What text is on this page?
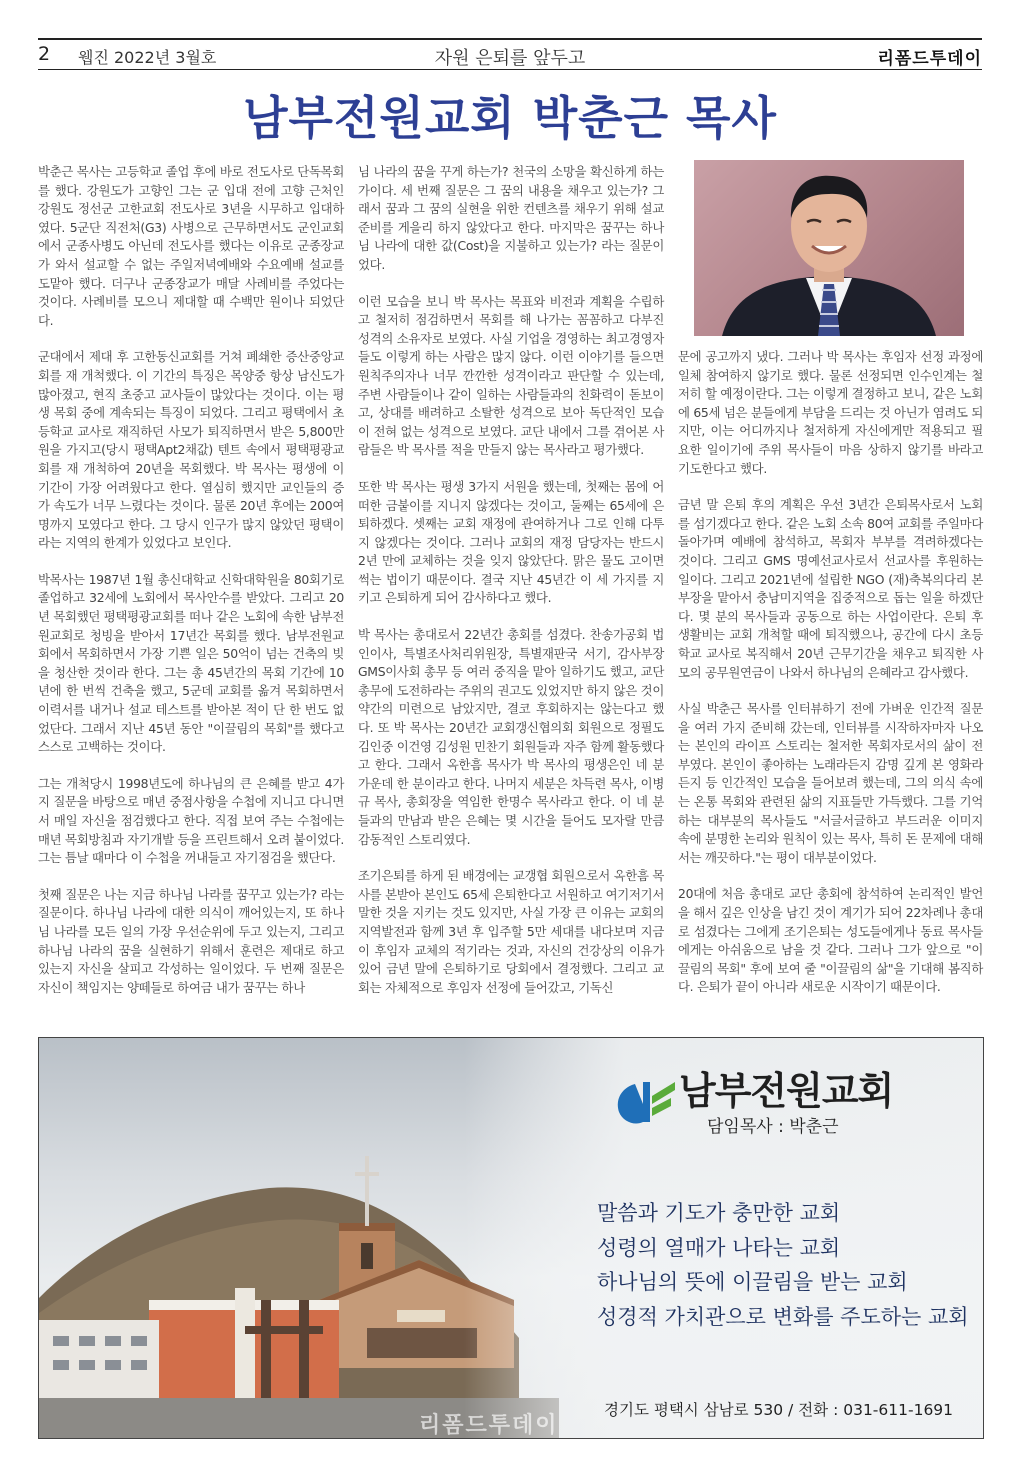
2 웹진 2022년 3월호	자원 은퇴를 앞두고	리폼드투데이
남부전원교회 박춘근 목사

박춘근 목사는 고등학교 졸업 후에 바로 전도사로 단독목회를 했다. 강원도가 고향인 그는 군 입대 전에 고향 근처인 강원도 정선군 고한교회 전도사로 3년을 시무하고 입대하였다. 5군단 직전처(G3) 사병으로 근무하면서도 군인교회에서 군종사병도 아닌데 전도사를 했다는 이유로 군종장교가 와서 설교할 수 없는 주일저녁예배와 수요예배 설교를 도맡아 했다. 더구나 군종장교가 매달 사례비를 주었다는 것이다. 사례비를 모으니 제대할 때 수백만 원이나 되었단다.

군대에서 제대 후 고한동신교회를 거쳐 폐쇄한 증산중앙교회를 재 개척했다. 이 기간의 특징은 목양중 항상 남신도가 많아졌고, 현직 초중고 교사들이 많았다는 것이다. 이는 평생 목회 중에 계속되는 특징이 되었다. 그리고 평택에서 초등학교 교사로 재직하던 사모가 퇴직하면서 받은 5,800만원을 가지고(당시 평택Apt2채값) 텐트 속에서 평택평광교회를 재 개척하여 20년을 목회했다. 박 목사는 평생에 이 기간이 가장 어려웠다고 한다. 열심히 했지만 교인들의 증가 속도가 너무 느렸다는 것이다. 물론 20년 후에는 200여명까지 모였다고 한다. 그 당시 인구가 많지 않았던 평택이라는 지역의 한계가 있었다고 보인다.

박목사는 1987년 1월 총신대학교 신학대학원을 80회기로 졸업하고 32세에 노회에서 목사안수를 받았다. 그리고 20년 목회했던 평택평광교회를 떠나 같은 노회에 속한 남부전원교회로 청빙을 받아서 17년간 목회를 했다. 남부전원교회에서 목회하면서 가장 기쁜 일은 50억이 넘는 건축의 빚을 청산한 것이라 한다. 그는 총 45년간의 목회 기간에 10년에 한 번씩 건축을 했고, 5군데 교회를 옮겨 목회하면서 이력서를 내거나 설교 테스트를 받아본 적이 단 한 번도 없었단다. 그래서 지난 45년 동안 "이끌림의 목회"를 했다고 스스로 고백하는 것이다.

그는 개척당시 1998년도에 하나님의 큰 은혜를 받고 4가지 질문을 바탕으로 매년 중점사항을 수첩에 지니고 다니면서 매일 자신을 점검했다고 한다. 직접 보여 주는 수첩에는 매년 목회방침과 자기개발 등을 프린트해서 오려 붙이었다. 그는 틈날 때마다 이 수첩을 꺼내들고 자기점검을 했단다.

첫째 질문은 나는 지금 하나님 나라를 꿈꾸고 있는가? 라는 질문이다. 하나님 나라에 대한 의식이 깨어있는지, 또 하나님 나라를 모든 일의 가장 우선순위에 두고 있는지, 그리고 하나님 나라의 꿈을 실현하기 위해서 훈련은 제대로 하고 있는지 자신을 살피고 각성하는 일이었다. 두 번째 질문은 자신이 책임지는 양떼들로 하여금 내가 꿈꾸는 하나

님 나라의 꿈을 꾸게 하는가? 천국의 소망을 확신하게 하는가이다. 세 번째 질문은 그 꿈의 내용을 채우고 있는가? 그래서 꿈과 그 꿈의 실현을 위한 컨텐츠를 채우기 위해 설교준비를 게을리 하지 않았다고 한다. 마지막은 꿈꾸는 하나님 나라에 대한 값(Cost)을 지불하고 있는가? 라는 질문이었다.

이런 모습을 보니 박 목사는 목표와 비전과 계획을 수립하고 철저히 점검하면서 목회를 해 나가는 꼼꼼하고 다부진 성격의 소유자로 보였다. 사실 기업을 경영하는 최고경영자들도 이렇게 하는 사람은 많지 않다. 이런 이야기를 들으면 원칙주의자나 너무 깐깐한 성격이라고 판단할 수 있는데, 주변 사람들이나 같이 일하는 사람들과의 친화력이 돋보이고, 상대를 배려하고 소탈한 성격으로 보아 독단적인 모습이 전혀 없는 성격으로 보였다. 교단 내에서 그를 겪어본 사람들은 박 목사를 적을 만들지 않는 목사라고 평가했다.

또한 박 목사는 평생 3가지 서원을 했는데, 첫째는 몸에 어떠한 금붙이를 지니지 않겠다는 것이고, 둘째는 65세에 은퇴하겠다. 셋째는 교회 재정에 관여하거나 그로 인해 다투지 않겠다는 것이다. 그러나 교회의 재정 담당자는 반드시 2년 만에 교체하는 것을 잊지 않았단다. 맑은 물도 고이면 썩는 법이기 때문이다. 결국 지난 45년간 이 세 가지를 지키고 은퇴하게 되어 감사하다고 했다.

박 목사는 총대로서 22년간 총회를 섬겼다. 찬송가공회 법인이사, 특별조사처리위원장, 특별재판국 서기, 감사부장 GMS이사회 총무 등 여러 중직을 맡아 일하기도 했고, 교단 총무에 도전하라는 주위의 권고도 있었지만 하지 않은 것이 약간의 미련으로 남았지만, 결코 후회하지는 않는다고 했다. 또 박 목사는 20년간 교회갱신협의회 회원으로 정필도 김인중 이건영 김성원 민찬기 회원들과 자주 함께 활동했다고 한다. 그래서 옥한흠 목사가 박 목사의 평생은인 네 분 가운데 한 분이라고 한다. 나머지 세분은 차득련 목사, 이병규 목사, 총회장을 역임한 한명수 목사라고 한다. 이 네 분들과의 만남과 받은 은혜는 몇 시간을 들어도 모자랄 만큼 감동적인 스토리였다.

조기은퇴를 하게 된 배경에는 교갱협 회원으로서 옥한흠 목사를 본받아 본인도 65세 은퇴한다고 서원하고 여기저기서 말한 것을 지키는 것도 있지만, 사실 가장 큰 이유는 교회의 지역발전과 함께 3년 후 입주할 5만 세대를 내다보며 지금이 후임자 교체의 적기라는 것과, 자신의 건강상의 이유가 있어 금년 말에 은퇴하기로 당회에서 결정했다. 그리고 교회는 자체적으로 후임자 선정에 들어갔고, 기독신

문에 공고까지 냈다. 그러나 박 목사는 후임자 선정 과정에 일체 참여하지 않기로 했다. 물론 선정되면 인수인계는 철저히 할 예정이란다. 그는 이렇게 결정하고 보니, 같은 노회에 65세 넘은 분들에게 부담을 드리는 것 아닌가 염려도 되지만, 이는 어디까지나 철저하게 자신에게만 적용되고 필요한 일이기에 주위 목사들이 마음 상하지 않기를 바라고 기도한다고 했다.

금년 말 은퇴 후의 계획은 우선 3년간 은퇴목사로서 노회를 섬기겠다고 한다. 같은 노회 소속 80여 교회를 주일마다 돌아가며 예배에 참석하고, 목회자 부부를 격려하겠다는 것이다. 그리고 GMS 명예선교사로서 선교사를 후원하는 일이다. 그리고 2021년에 설립한 NGO (재)축복의다리 본부장을 맡아서 충남미지역을 집중적으로 돕는 일을 하겠단다. 몇 분의 목사들과 공동으로 하는 사업이란다. 은퇴 후 생활비는 교회 개척할 때에 퇴직했으나, 공간에 다시 초등학교 교사로 복직해서 20년 근무기간을 채우고 퇴직한 사모의 공무원연금이 나와서 하나님의 은혜라고 감사했다.

사실 박춘근 목사를 인터뷰하기 전에 가벼운 인간적 질문을 여러 가지 준비해 갔는데, 인터뷰를 시작하자마자 나오는 본인의 라이프 스토리는 철저한 목회자로서의 삶이 전부였다. 본인이 좋아하는 노래라든지 감명 깊게 본 영화라든지 등 인간적인 모습을 들어보려 했는데, 그의 의식 속에는 온통 목회와 관련된 삶의 지표들만 가득했다. 그를 기억하는 대부분의 목사들도 "서글서글하고 부드러운 이미지 속에 분명한 논리와 원칙이 있는 목사, 특히 돈 문제에 대해서는 깨끗하다."는 평이 대부분이었다.

20대에 처음 총대로 교단 총회에 참석하여 논리적인 발언을 해서 깊은 인상을 남긴 것이 계기가 되어 22차례나 총대로 섬겼다는 그에게 조기은퇴는 성도들에게나 동료 목사들에게는 아쉬움으로 남을 것 같다. 그러나 그가 앞으로 "이끌림의 목회" 후에 보여 줄 "이끌림의 삶"을 기대해 봄직하다. 은퇴가 끝이 아니라 새로운 시작이기 때문이다.

남부전원교회
담임목사 : 박춘근
말씀과 기도가 충만한 교회
성령의 열매가 나타는 교회
하나님의 뜻에 이끌림을 받는 교회
성경적 가치관으로 변화를 주도하는 교회
경기도 평택시 삼남로 530 / 전화 : 031-611-1691
리폼드투데이
